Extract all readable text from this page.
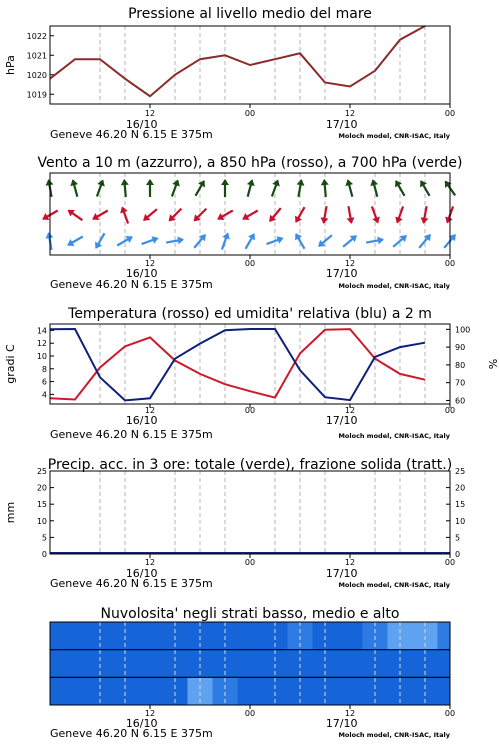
Pressione al livello medio del mare
12	00	12	00
16/10	17/10
Geneve 46.20 N 6.15 E 375m	Moloch model, CNR-ISAC, Italy
1019
1020
1021
1022
hPa
Vento a 10 m (azzurro), a 850 hPa (rosso), a 700 hPa (verde)
12	00	12	00
16/10	17/10
Geneve 46.20 N 6.15 E 375m	Moloch model, CNR-ISAC, Italy
Temperatura (rosso) ed umidita' relativa (blu) a 2 m
12	00	12	00
16/10	17/10
Geneve 46.20 N 6.15 E 375m	Moloch model, CNR-ISAC, Italy
4
6
8
10
12
14
60
70
80
90
100
gradi C	%
Precip. acc. in 3 ore: totale (verde), frazione solida (tratt.)
12	00	12	00
16/10	17/10
Geneve 46.20 N 6.15 E 375m	Moloch model, CNR-ISAC, Italy
0	0
5	5
10	10
15	15
20	20
25	25
mm
Nuvolosita' negli strati basso, medio e alto
12	00	12	00
16/10	17/10
Geneve 46.20 N 6.15 E 375m	Moloch model, CNR-ISAC, Italy
